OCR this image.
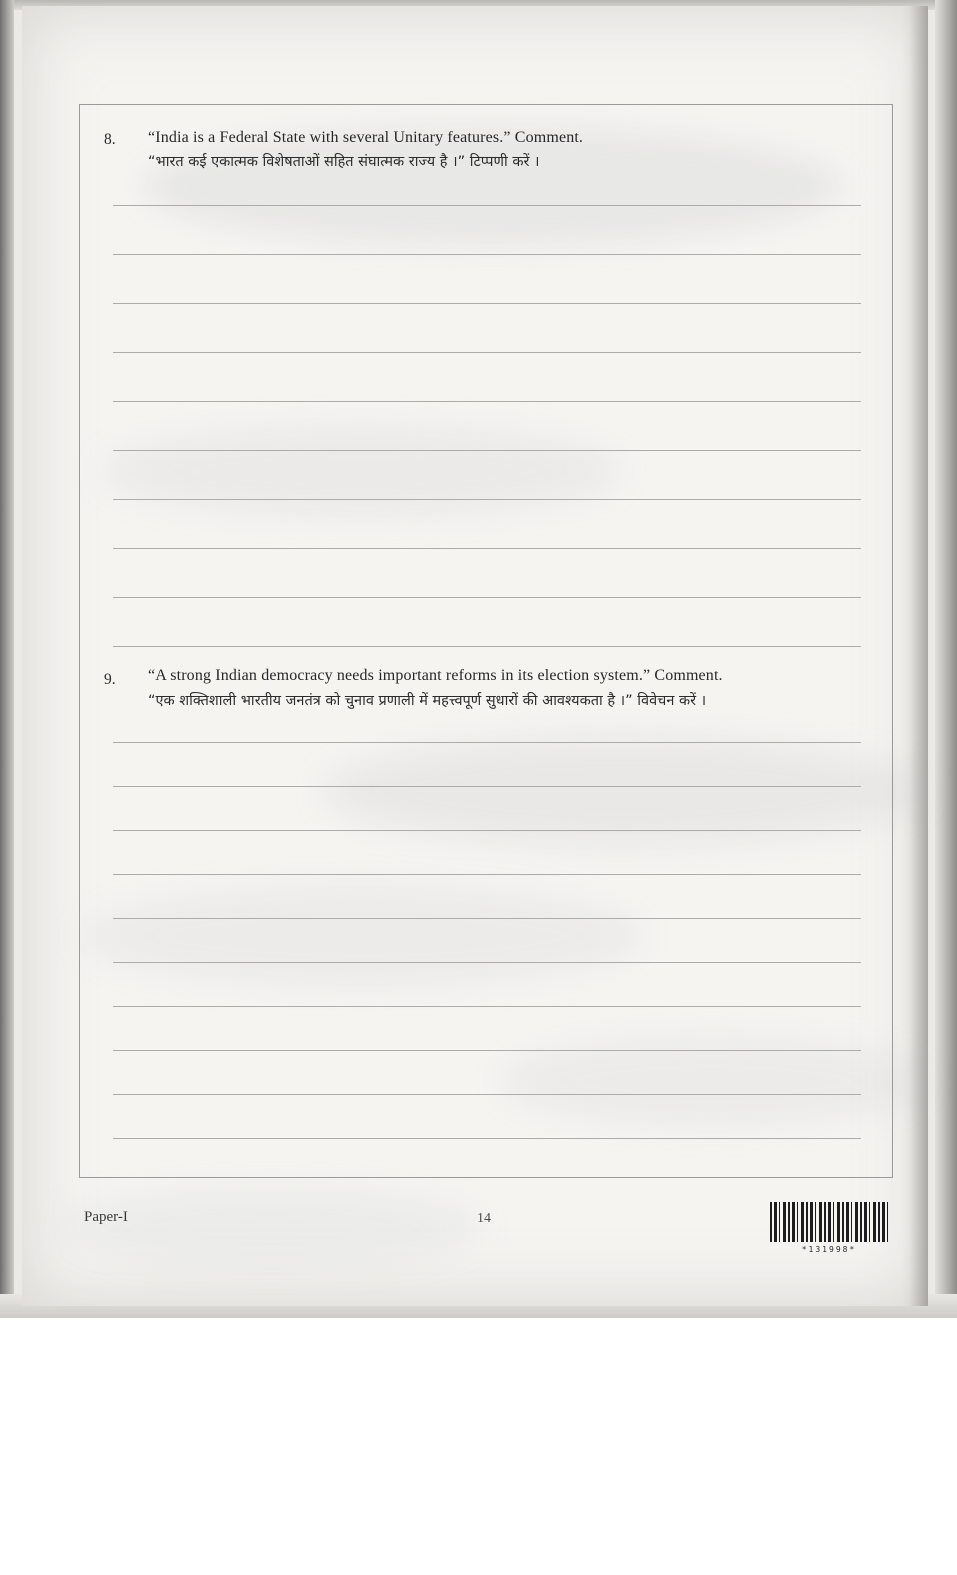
8. “India is a Federal State with several Unitary features.” Comment.
“भारत कई एकात्मक विशेषताओं सहित संघात्मक राज्य है ।” टिप्पणी करें ।
9. “A strong Indian democracy needs important reforms in its election system.” Comment.
“एक शक्तिशाली भारतीय जनतंत्र को चुनाव प्रणाली में महत्त्वपूर्ण सुधारों की आवश्यकता है ।” विवेचन करें ।
Paper-I	14
*131998*
